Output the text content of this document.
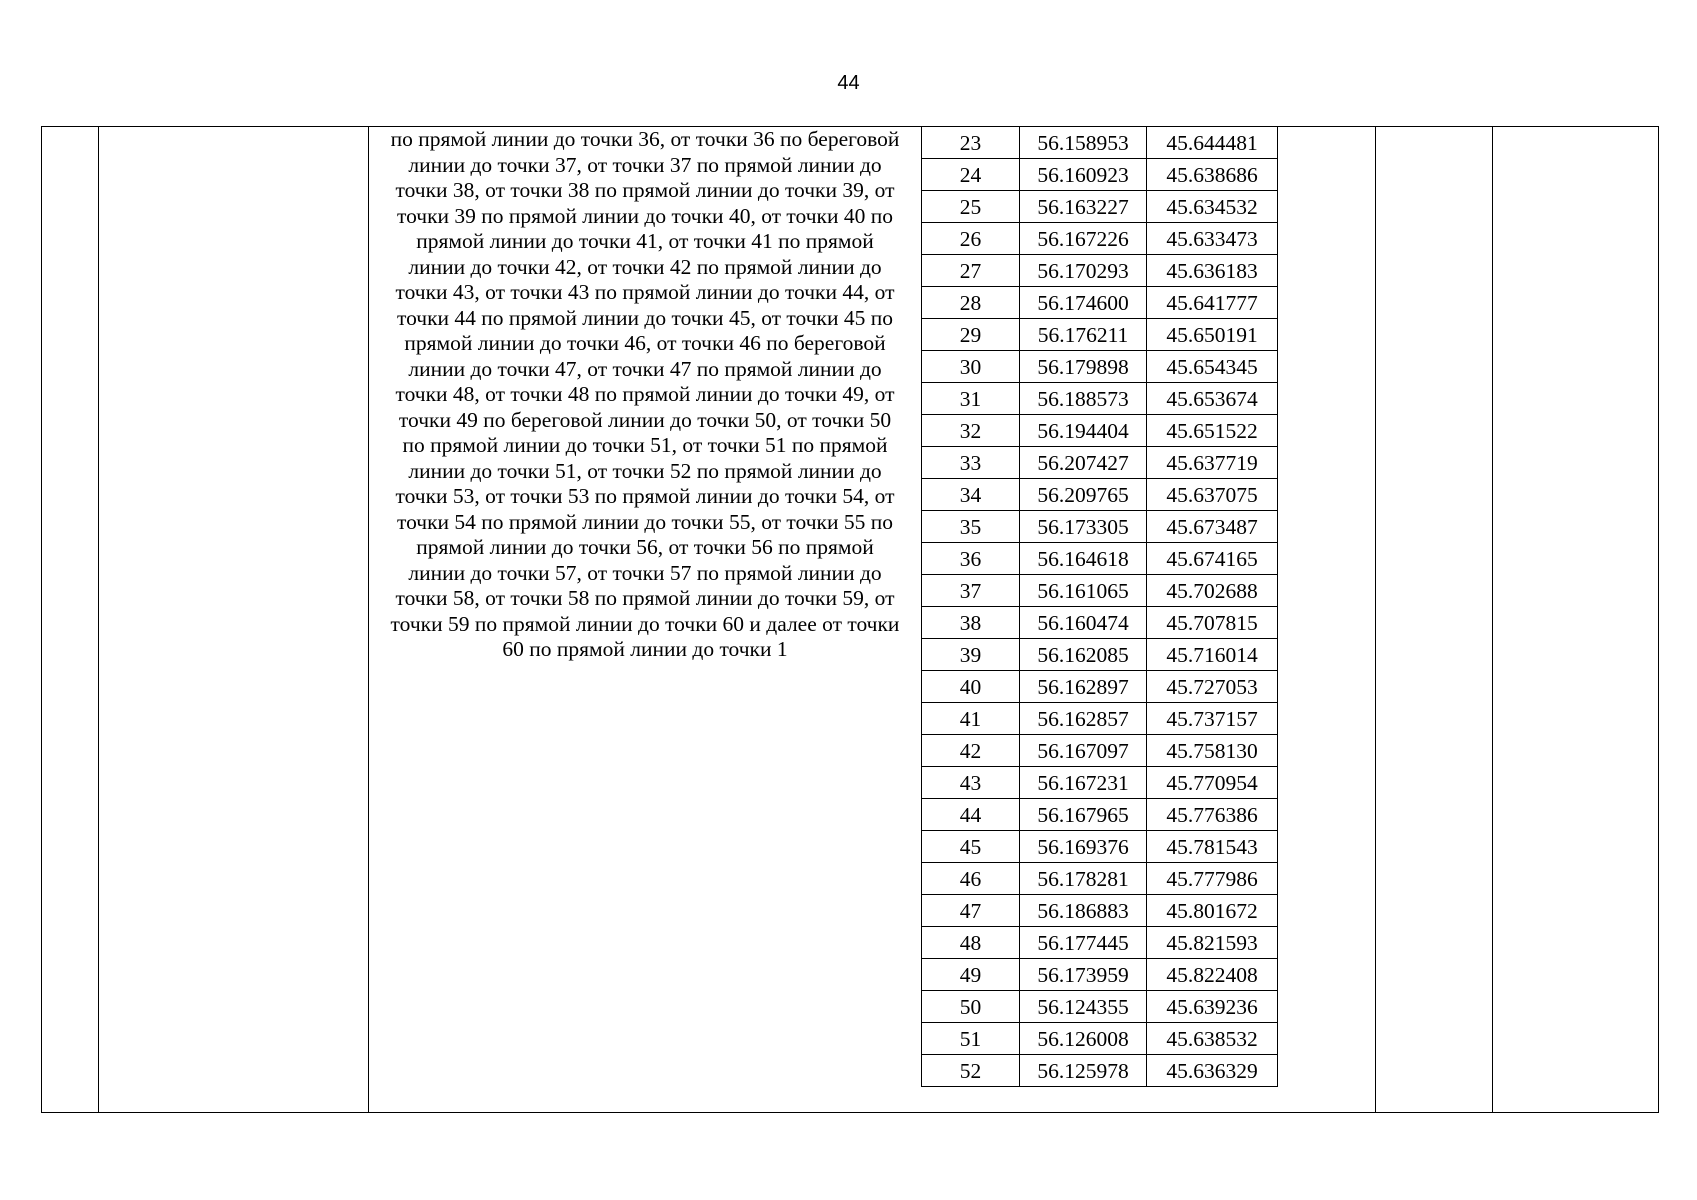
44
по прямой линии до точки 36, от точки 36 по береговой
линии до точки 37, от точки 37 по прямой линии до
точки 38, от точки 38 по прямой линии до точки 39, от
точки 39 по прямой линии до точки 40, от точки 40 по
прямой линии до точки 41, от точки 41 по прямой
линии до точки 42, от точки 42 по прямой линии до
точки 43, от точки 43 по прямой линии до точки 44, от
точки 44 по прямой линии до точки 45, от точки 45 по
прямой линии до точки 46, от точки 46 по береговой
линии до точки 47, от точки 47 по прямой линии до
точки 48, от точки 48 по прямой линии до точки 49, от
точки 49 по береговой линии до точки 50, от точки 50
по прямой линии до точки 51, от точки 51 по прямой
линии до точки 51, от точки 52 по прямой линии до
точки 53, от точки 53 по прямой линии до точки 54, от
точки 54 по прямой линии до точки 55, от точки 55 по
прямой линии до точки 56, от точки 56 по прямой
линии до точки 57, от точки 57 по прямой линии до
точки 58, от точки 58 по прямой линии до точки 59, от
точки 59 по прямой линии до точки 60 и далее от точки
60 по прямой линии до точки 1
23	56.158953	45.644481
24	56.160923	45.638686
25	56.163227	45.634532
26	56.167226	45.633473
27	56.170293	45.636183
28	56.174600	45.641777
29	56.176211	45.650191
30	56.179898	45.654345
31	56.188573	45.653674
32	56.194404	45.651522
33	56.207427	45.637719
34	56.209765	45.637075
35	56.173305	45.673487
36	56.164618	45.674165
37	56.161065	45.702688
38	56.160474	45.707815
39	56.162085	45.716014
40	56.162897	45.727053
41	56.162857	45.737157
42	56.167097	45.758130
43	56.167231	45.770954
44	56.167965	45.776386
45	56.169376	45.781543
46	56.178281	45.777986
47	56.186883	45.801672
48	56.177445	45.821593
49	56.173959	45.822408
50	56.124355	45.639236
51	56.126008	45.638532
52	56.125978	45.636329
